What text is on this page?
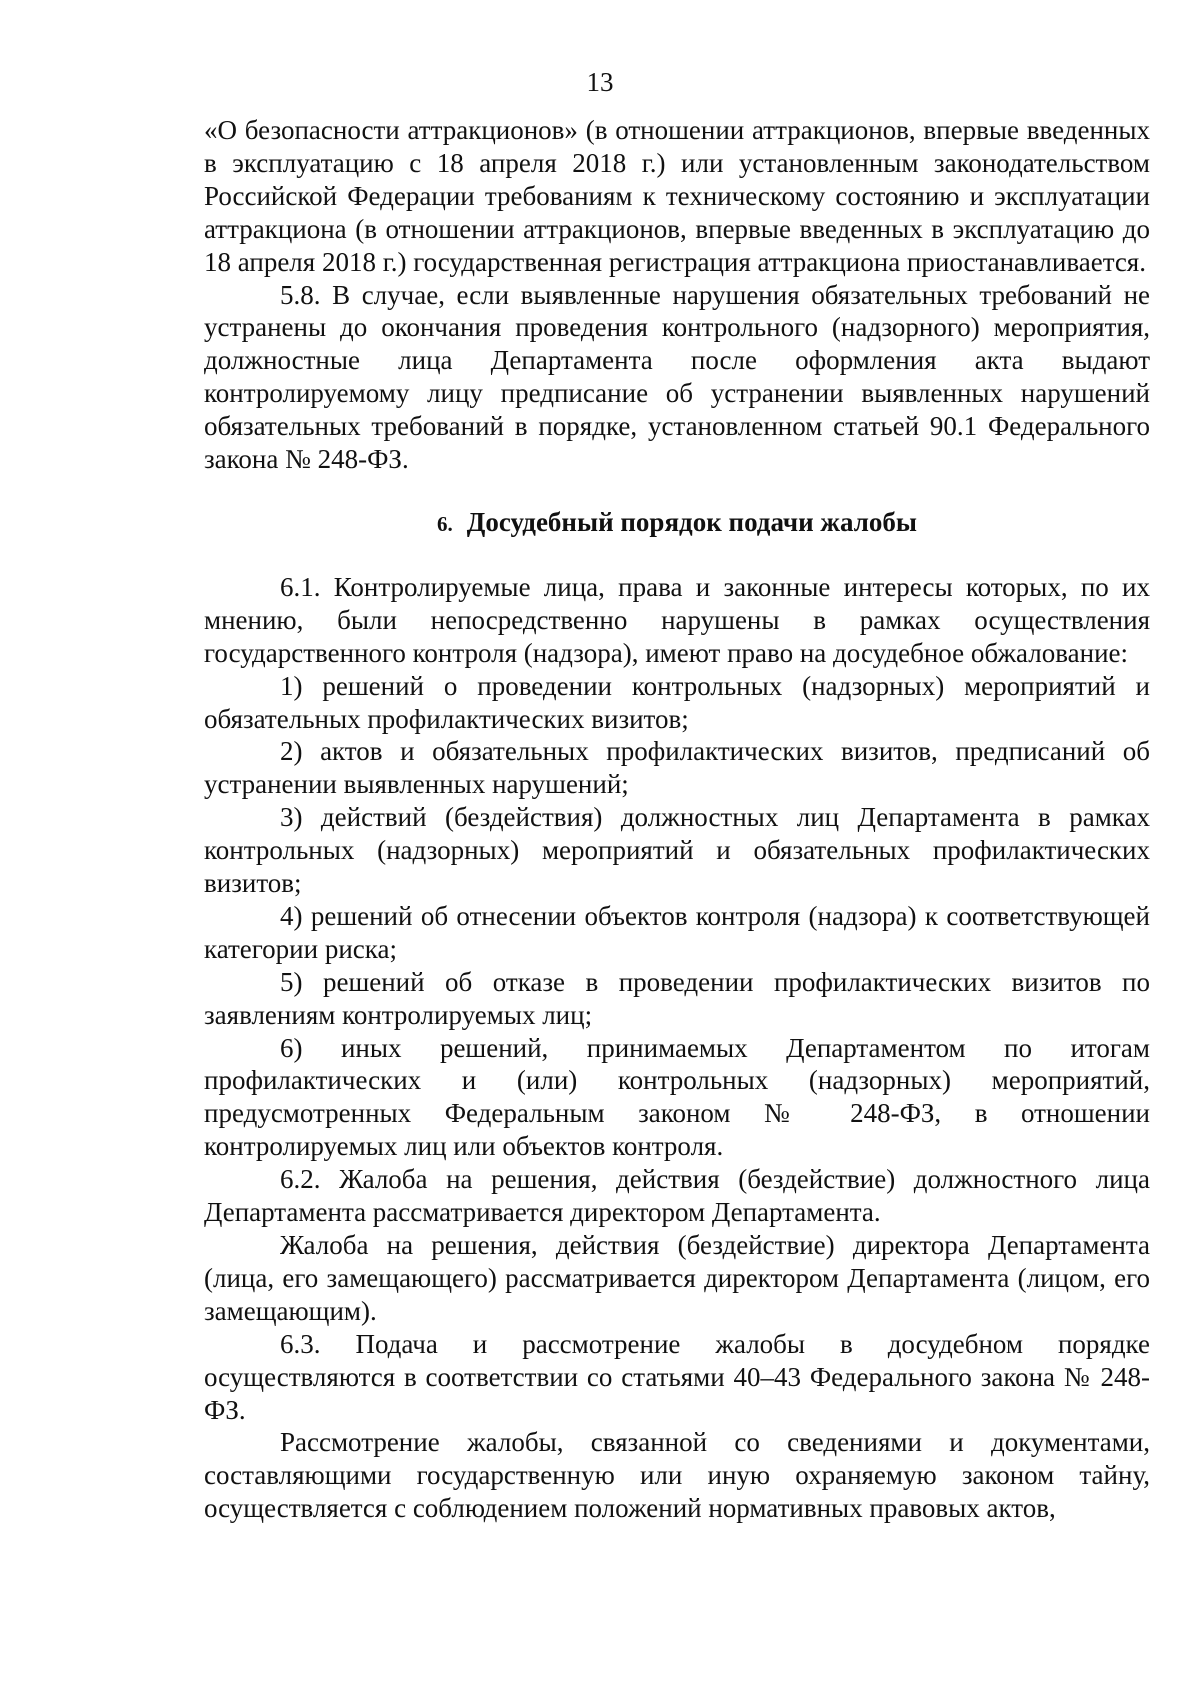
13

«О безопасности аттракционов» (в отношении аттракционов, впервые введенных в эксплуатацию с 18 апреля 2018 г.) или установленным законодательством Российской Федерации требованиям к техническому состоянию и эксплуатации аттракциона (в отношении аттракционов, впервые введенных в эксплуатацию до 18 апреля 2018 г.) государственная регистрация аттракциона приостанавливается.

5.8. В случае, если выявленные нарушения обязательных требований не устранены до окончания проведения контрольного (надзорного) мероприятия, должностные лица Департамента после оформления акта выдают контролируемому лицу предписание об устранении выявленных нарушений обязательных требований в порядке, установленном статьей 90.1 Федерального закона № 248-ФЗ.

6. Досудебный порядок подачи жалобы

6.1. Контролируемые лица, права и законные интересы которых, по их мнению, были непосредственно нарушены в рамках осуществления государственного контроля (надзора), имеют право на досудебное обжалование:

1) решений о проведении контрольных (надзорных) мероприятий и обязательных профилактических визитов;

2) актов и обязательных профилактических визитов, предписаний об устранении выявленных нарушений;

3) действий (бездействия) должностных лиц Департамента в рамках контрольных (надзорных) мероприятий и обязательных профилактических визитов;

4) решений об отнесении объектов контроля (надзора) к соответствующей категории риска;

5) решений об отказе в проведении профилактических визитов по заявлениям контролируемых лиц;

6) иных решений, принимаемых Департаментом по итогам профилактических и (или) контрольных (надзорных) мероприятий, предусмотренных Федеральным законом № 248-ФЗ, в отношении контролируемых лиц или объектов контроля.

6.2. Жалоба на решения, действия (бездействие) должностного лица Департамента рассматривается директором Департамента.

Жалоба на решения, действия (бездействие) директора Департамента (лица, его замещающего) рассматривается директором Департамента (лицом, его замещающим).

6.3. Подача и рассмотрение жалобы в досудебном порядке осуществляются в соответствии со статьями 40–43 Федерального закона № 248-ФЗ.

Рассмотрение жалобы, связанной со сведениями и документами, составляющими государственную или иную охраняемую законом тайну, осуществляется с соблюдением положений нормативных правовых актов,
